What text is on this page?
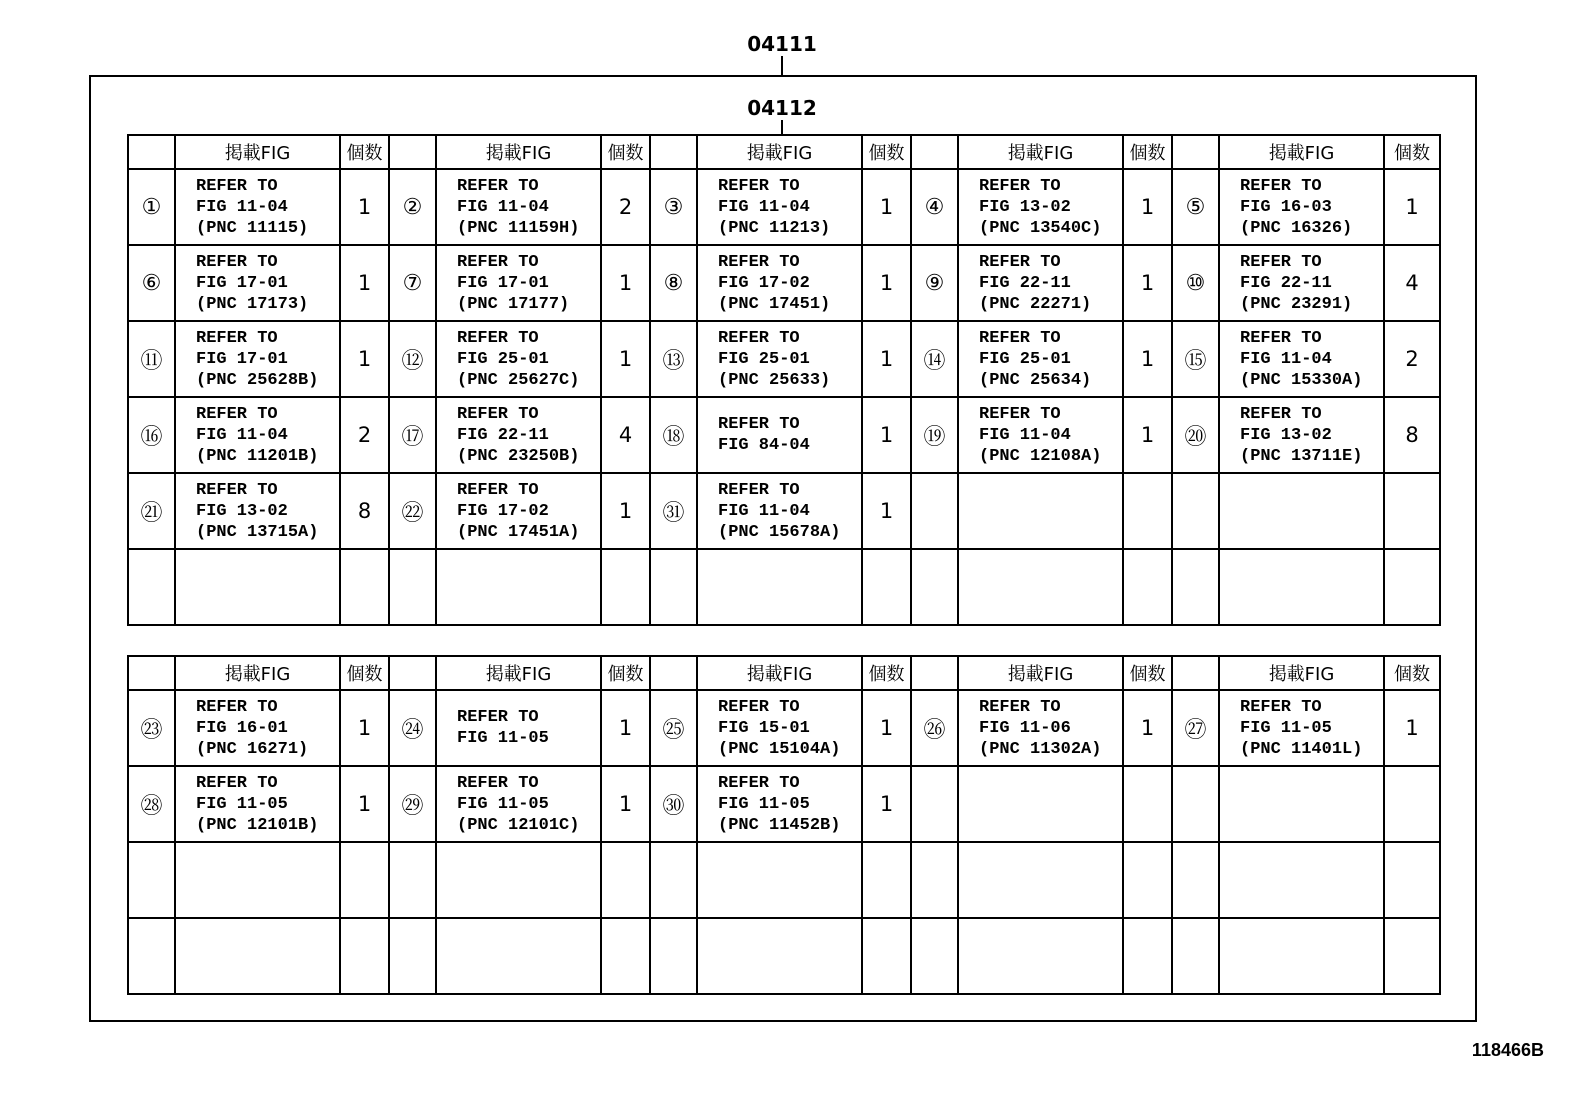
04111
04112
	掲載FIG	個数		掲載FIG	個数		掲載FIG	個数		掲載FIG	個数		掲載FIG	個数
①	REFER TO
FIG 11-04
(PNC 11115)	1	②	REFER TO
FIG 11-04
(PNC 11159H)	2	③	REFER TO
FIG 11-04
(PNC 11213)	1	④	REFER TO
FIG 13-02
(PNC 13540C)	1	⑤	REFER TO
FIG 16-03
(PNC 16326)	1
⑥	REFER TO
FIG 17-01
(PNC 17173)	1	⑦	REFER TO
FIG 17-01
(PNC 17177)	1	⑧	REFER TO
FIG 17-02
(PNC 17451)	1	⑨	REFER TO
FIG 22-11
(PNC 22271)	1	⑩	REFER TO
FIG 22-11
(PNC 23291)	4
⑪	REFER TO
FIG 17-01
(PNC 25628B)	1	⑫	REFER TO
FIG 25-01
(PNC 25627C)	1	⑬	REFER TO
FIG 25-01
(PNC 25633)	1	⑭	REFER TO
FIG 25-01
(PNC 25634)	1	⑮	REFER TO
FIG 11-04
(PNC 15330A)	2
⑯	REFER TO
FIG 11-04
(PNC 11201B)	2	⑰	REFER TO
FIG 22-11
(PNC 23250B)	4	⑱	REFER TO
FIG 84-04	1	⑲	REFER TO
FIG 11-04
(PNC 12108A)	1	⑳	REFER TO
FIG 13-02
(PNC 13711E)	8
㉑	REFER TO
FIG 13-02
(PNC 13715A)	8	㉒	REFER TO
FIG 17-02
(PNC 17451A)	1	㉛	REFER TO
FIG 11-04
(PNC 15678A)	1						

	掲載FIG	個数		掲載FIG	個数		掲載FIG	個数		掲載FIG	個数		掲載FIG	個数
㉓	REFER TO
FIG 16-01
(PNC 16271)	1	㉔	REFER TO
FIG 11-05	1	㉕	REFER TO
FIG 15-01
(PNC 15104A)	1	㉖	REFER TO
FIG 11-06
(PNC 11302A)	1	㉗	REFER TO
FIG 11-05
(PNC 11401L)	1
㉘	REFER TO
FIG 11-05
(PNC 12101B)	1	㉙	REFER TO
FIG 11-05
(PNC 12101C)	1	㉚	REFER TO
FIG 11-05
(PNC 11452B)	1						

118466B
